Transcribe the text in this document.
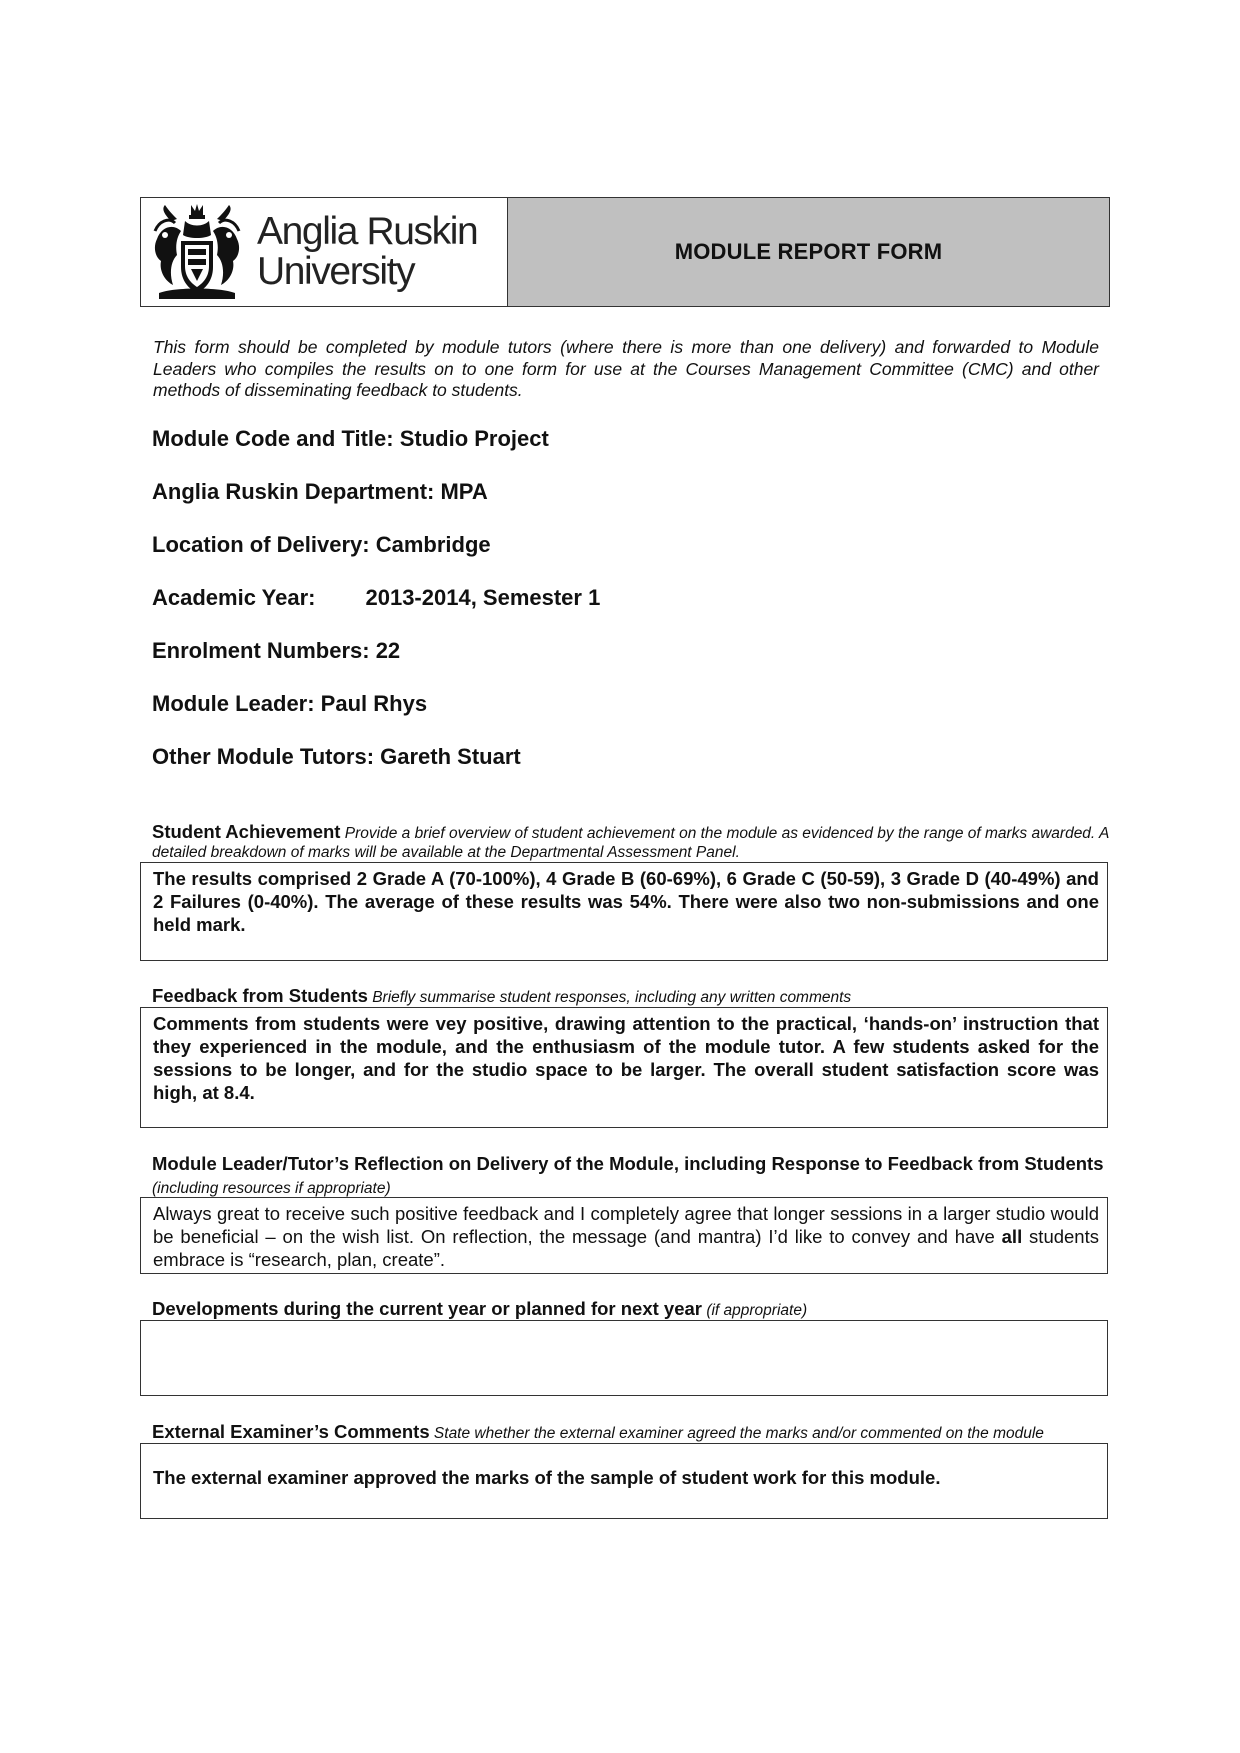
Anglia Ruskin
University	MODULE REPORT FORM

This form should be completed by module tutors (where there is more than one delivery) and forwarded to Module Leaders who compiles the results on to one form for use at the Courses Management Committee (CMC) and other methods of disseminating feedback to students.

Module Code and Title: Studio Project
Anglia Ruskin Department: MPA
Location of Delivery: Cambridge
Academic Year: 2013-2014, Semester 1
Enrolment Numbers: 22
Module Leader: Paul Rhys
Other Module Tutors: Gareth Stuart

Student Achievement Provide a brief overview of student achievement on the module as evidenced by the range of marks awarded. A detailed breakdown of marks will be available at the Departmental Assessment Panel.

The results comprised 2 Grade A (70-100%), 4 Grade B (60-69%), 6 Grade C (50-59), 3 Grade D (40-49%) and 2 Failures (0-40%). The average of these results was 54%. There were also two non-submissions and one held mark.

Feedback from Students Briefly summarise student responses, including any written comments

Comments from students were vey positive, drawing attention to the practical, ‘hands-on’ instruction that they experienced in the module, and the enthusiasm of the module tutor. A few students asked for the sessions to be longer, and for the studio space to be larger. The overall student satisfaction score was high, at 8.4.

Module Leader/Tutor’s Reflection on Delivery of the Module, including Response to Feedback from Students (including resources if appropriate)

Always great to receive such positive feedback and I completely agree that longer sessions in a larger studio would be beneficial – on the wish list. On reflection, the message (and mantra) I’d like to convey and have all students embrace is “research, plan, create”.

Developments during the current year or planned for next year (if appropriate)

External Examiner’s Comments State whether the external examiner agreed the marks and/or commented on the module

The external examiner approved the marks of the sample of student work for this module.
